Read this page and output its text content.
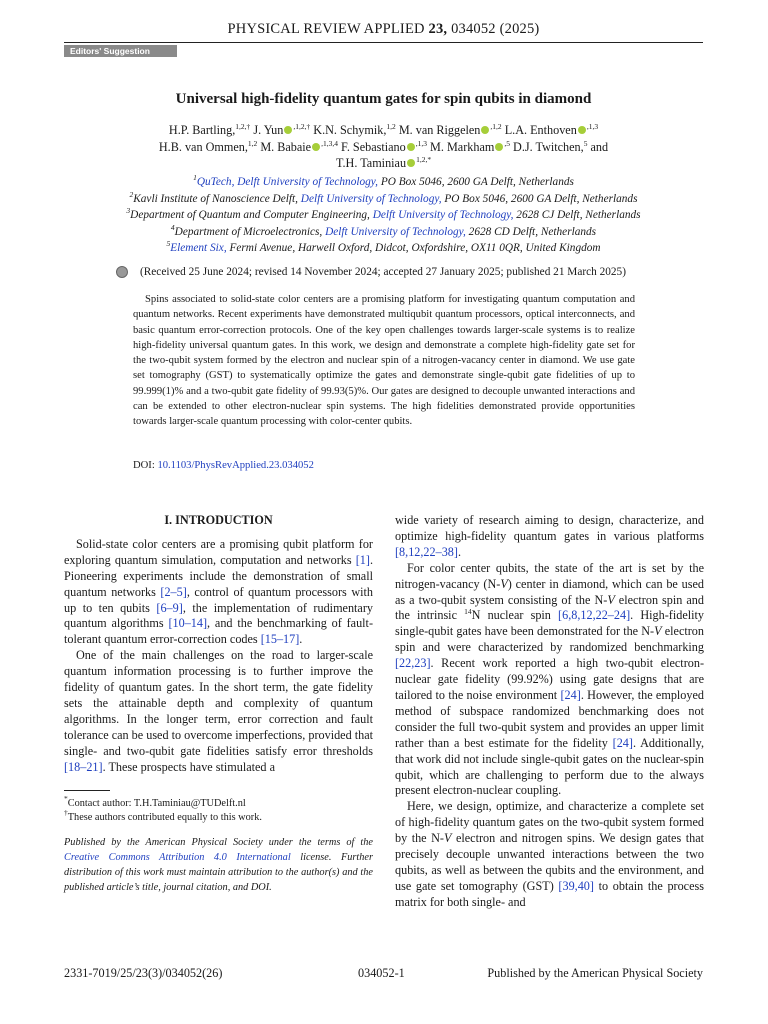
PHYSICAL REVIEW APPLIED 23, 034052 (2025)
Editors' Suggestion
Universal high-fidelity quantum gates for spin qubits in diamond
H.P. Bartling,$^{1,2,\dagger}$ J. Yun $^{,1,2,\dagger}$ K.N. Schymik,$^{1,2}$ M. van Riggelen $^{,1,2}$ L.A. Enthoven $^{,1,3}$
H.B. van Ommen,$^{1,2}$ M. Babaie $^{,1,3,4}$ F. Sebastiano $^{,1,3}$ M. Markham $^{,5}$ D.J. Twitchen,$^5$ and
T.H. Taminiau $^{1,2,*}$
$^1$QuTech, Delft University of Technology, PO Box 5046, 2600 GA Delft, Netherlands
$^2$Kavli Institute of Nanoscience Delft, Delft University of Technology, PO Box 5046, 2600 GA Delft, Netherlands
$^3$Department of Quantum and Computer Engineering, Delft University of Technology, 2628 CJ Delft, Netherlands
$^4$Department of Microelectronics, Delft University of Technology, 2628 CD Delft, Netherlands
$^5$Element Six, Fermi Avenue, Harwell Oxford, Didcot, Oxfordshire, OX11 0QR, United Kingdom
(Received 25 June 2024; revised 14 November 2024; accepted 27 January 2025; published 21 March 2025)

Spins associated to solid-state color centers are a promising platform for investigating quantum computation and quantum networks. Recent experiments have demonstrated multiqubit quantum processors, optical interconnects, and basic quantum error-correction protocols. One of the key open challenges towards larger-scale systems is to realize high-fidelity universal quantum gates. In this work, we design and demonstrate a complete high-fidelity gate set for the two-qubit system formed by the electron and nuclear spin of a nitrogen-vacancy center in diamond. We use gate set tomography (GST) to systematically optimize the gates and demonstrate single-qubit gate fidelities of up to 99.999(1)% and a two-qubit gate fidelity of 99.93(5)%. Our gates are designed to decouple unwanted interactions and can be extended to other electron-nuclear spin systems. The high fidelities demonstrated provide opportunities towards larger-scale quantum processing with color-center qubits.

DOI: 10.1103/PhysRevApplied.23.034052
I. INTRODUCTION

Solid-state color centers are a promising qubit platform for exploring quantum simulation, computation and networks [1]. Pioneering experiments include the demonstration of small quantum networks [2–5], control of quantum processors with up to ten qubits [6–9], the implementation of rudimentary quantum algorithms [10–14], and the benchmarking of fault-tolerant quantum error-correction codes [15–17].

One of the main challenges on the road to larger-scale quantum information processing is to further improve the fidelity of quantum gates. In the short term, the gate fidelity sets the attainable depth and complexity of quantum algorithms. In the longer term, error correction and fault tolerance can be used to overcome imperfections, provided that single- and two-qubit gate fidelities satisfy error thresholds [18–21]. These prospects have stimulated a

*Contact author: T.H.Taminiau@TUDelft.nl

†These authors contributed equally to this work.

Published by the American Physical Society under the terms of the Creative Commons Attribution 4.0 International license. Further distribution of this work must maintain attribution to the author(s) and the published article’s title, journal citation, and DOI.

wide variety of research aiming to design, characterize, and optimize high-fidelity quantum gates in various platforms [8,12,22–38].

For color center qubits, the state of the art is set by the nitrogen-vacancy (N-V) center in diamond, which can be used as a two-qubit system consisting of the N-V electron spin and the intrinsic $^{14}$N nuclear spin [6,8,12,22–24]. High-fidelity single-qubit gates have been demonstrated for the N-V electron spin and were characterized by randomized benchmarking [22,23]. Recent work reported a high two-qubit electron-nuclear gate fidelity (99.92%) using gate designs that are tailored to the noise environment [24]. However, the employed method of subspace randomized benchmarking does not consider the full two-qubit system and provides an upper limit rather than a best estimate for the fidelity [24]. Additionally, that work did not include single-qubit gates on the nuclear-spin qubit, which are challenging to perform due to the always present electron-nuclear coupling.

Here, we design, optimize, and characterize a complete set of high-fidelity quantum gates on the two-qubit system formed by the N-V electron and nitrogen spins. We design gates that precisely decouple unwanted interactions between the two qubits, as well as between the qubits and the environment, and use gate set tomography (GST) [39,40] to obtain the process matrix for both single- and

2331-7019/25/23(3)/034052(26)	034052-1	Published by the American Physical Society
